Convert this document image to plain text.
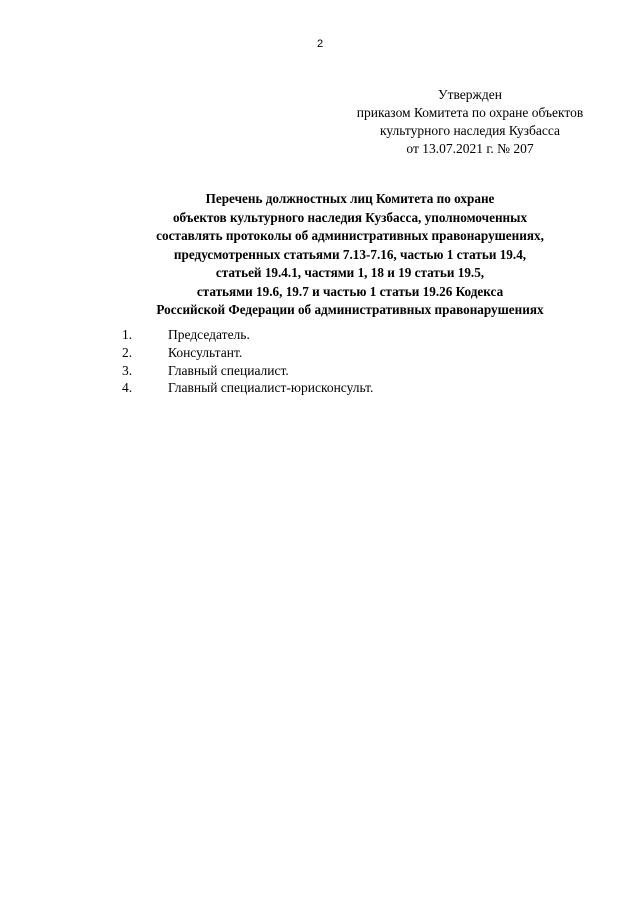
2
Утвержден
приказом Комитета по охране объектов
культурного наследия Кузбасса
от 13.07.2021 г. № 207
Перечень должностных лиц Комитета по охране
объектов культурного наследия Кузбасса, уполномоченных
составлять протоколы об административных правонарушениях,
предусмотренных статьями 7.13-7.16, частью 1 статьи 19.4,
статьей 19.4.1, частями 1, 18 и 19 статьи 19.5,
статьями 19.6, 19.7 и частью 1 статьи 19.26 Кодекса
Российской Федерации об административных правонарушениях
1.	Председатель.
2.	Консультант.
3.	Главный специалист.
4.	Главный специалист-юрисконсульт.
